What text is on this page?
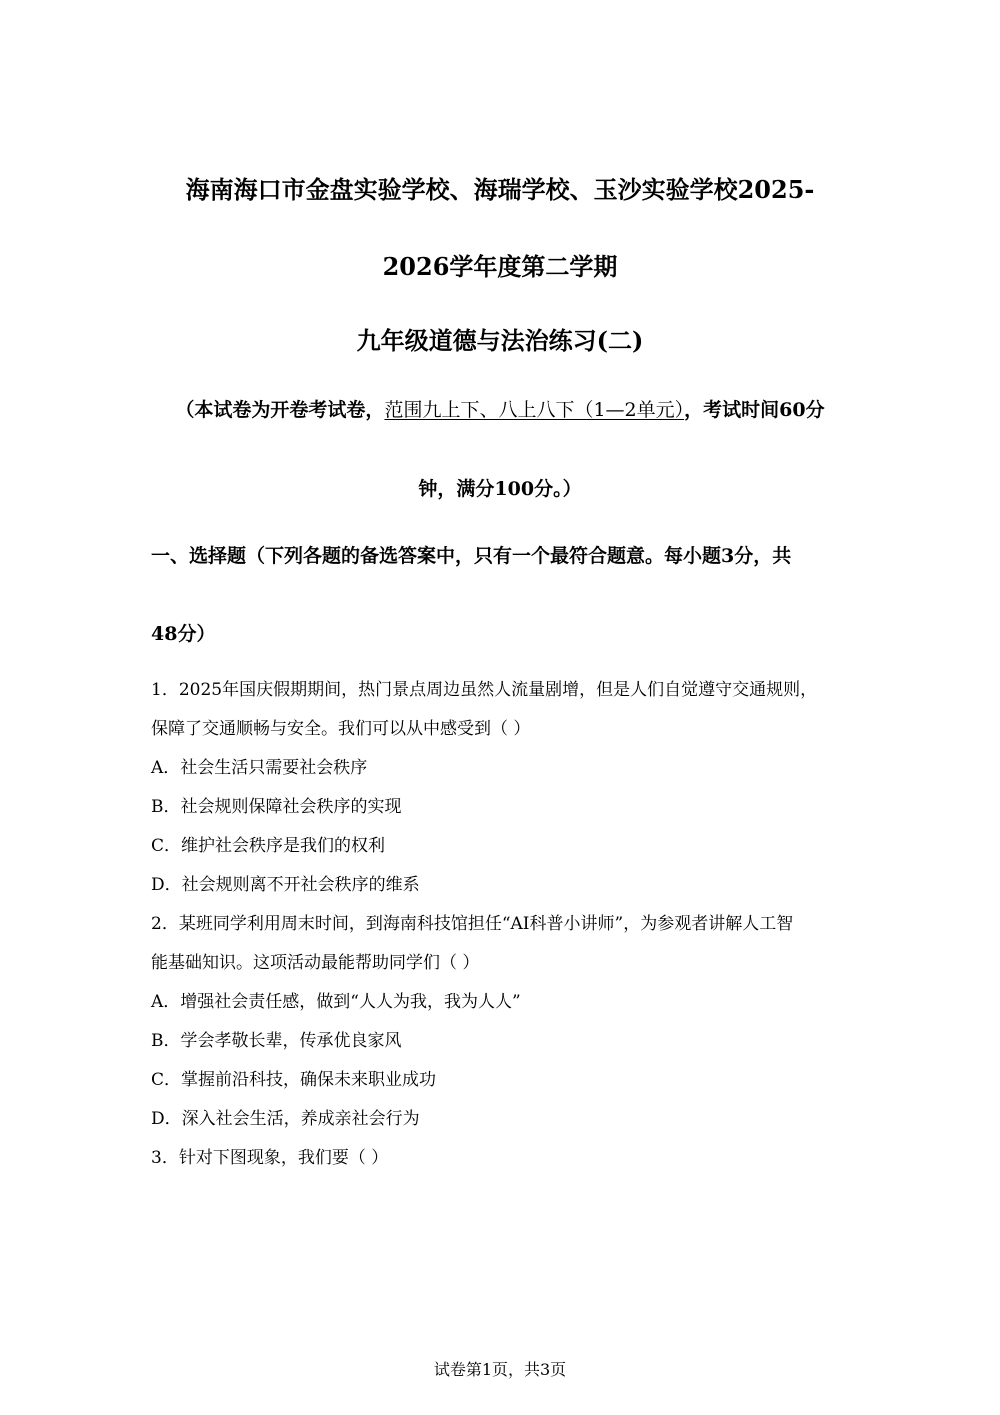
海南海口市金盘实验学校、海瑞学校、玉沙实验学校2025-
2026学年度第二学期
九年级道德与法治练习(二)
（本试卷为开卷考试卷，范围九上下、八上八下（1—2单元），考试时间60分
钟，满分100分。）
一、选择题（下列各题的备选答案中，只有一个最符合题意。每小题3分，共
48分）
1．2025年国庆假期期间，热门景点周边虽然人流量剧增，但是人们自觉遵守交通规则，
保障了交通顺畅与安全。我们可以从中感受到（ ）
A．社会生活只需要社会秩序
B．社会规则保障社会秩序的实现
C．维护社会秩序是我们的权利
D．社会规则离不开社会秩序的维系
2．某班同学利用周末时间，到海南科技馆担任“AI科普小讲师”，为参观者讲解人工智
能基础知识。这项活动最能帮助同学们（ ）
A．增强社会责任感，做到“人人为我，我为人人”
B．学会孝敬长辈，传承优良家风
C．掌握前沿科技，确保未来职业成功
D．深入社会生活，养成亲社会行为
3．针对下图现象，我们要（ ）
试卷第1页，共3页
